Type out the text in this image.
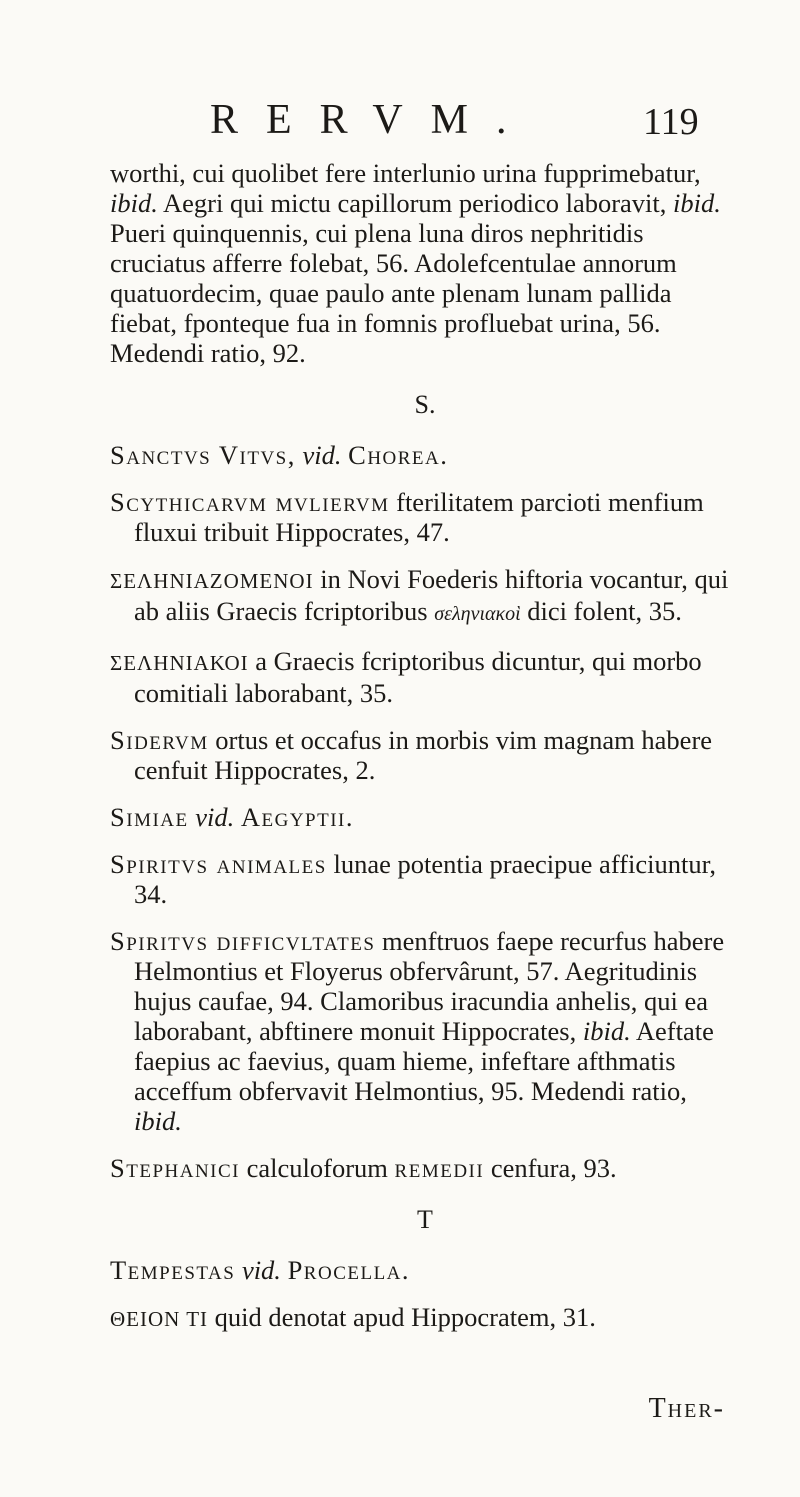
RERVM.	119

worthi, cui quolibet fere interlunio urina fupprimebatur, ibid. Aegri qui mictu capillorum periodico laboravit, ibid. Pueri quinquennis, cui plena luna diros nephritidis cruciatus afferre folebat, 56. Adolefcentulae annorum quatuordecim, quae paulo ante plenam lunam pallida fiebat, fponteque fua in fomnis profluebat urina, 56. Medendi ratio, 92.

S.

Sanctvs Vitvs, vid. Chorea.

Scythicarvm mvliervm fterilitatem parcioti menfium fluxui tribuit Hippocrates, 47.

ΣΕΛΗΝΙΑΖΟΜΕΝΟΙ in Novi Foederis hiftoria vocantur, qui ab aliis Graecis fcriptoribus σεληνιακοὶ dici folent, 35.

ΣΕΛΗΝΙΑΚΟΙ a Graecis fcriptoribus dicuntur, qui morbo comitiali laborabant, 35.

Sidervm ortus et occafus in morbis vim magnam habere cenfuit Hippocrates, 2.

Simiae vid. Aegyptii.

Spiritvs animales lunae potentia praecipue afficiuntur, 34.

Spiritvs difficvltates menftruos faepe recurfus habere Helmontius et Floyerus obfervârunt, 57. Aegritudinis hujus caufae, 94. Clamoribus iracundia anhelis, qui ea laborabant, abftinere monuit Hippocrates, ibid. Aeftate faepius ac faevius, quam hieme, infeftare afthmatis acceffum obfervavit Helmontius, 95. Medendi ratio, ibid.

Stephanici calculoforum remedii cenfura, 93.

T

Tempestas vid. Procella.

ΘΕΙΟΝ ΤΙ quid denotat apud Hippocratem, 31.

Ther-
